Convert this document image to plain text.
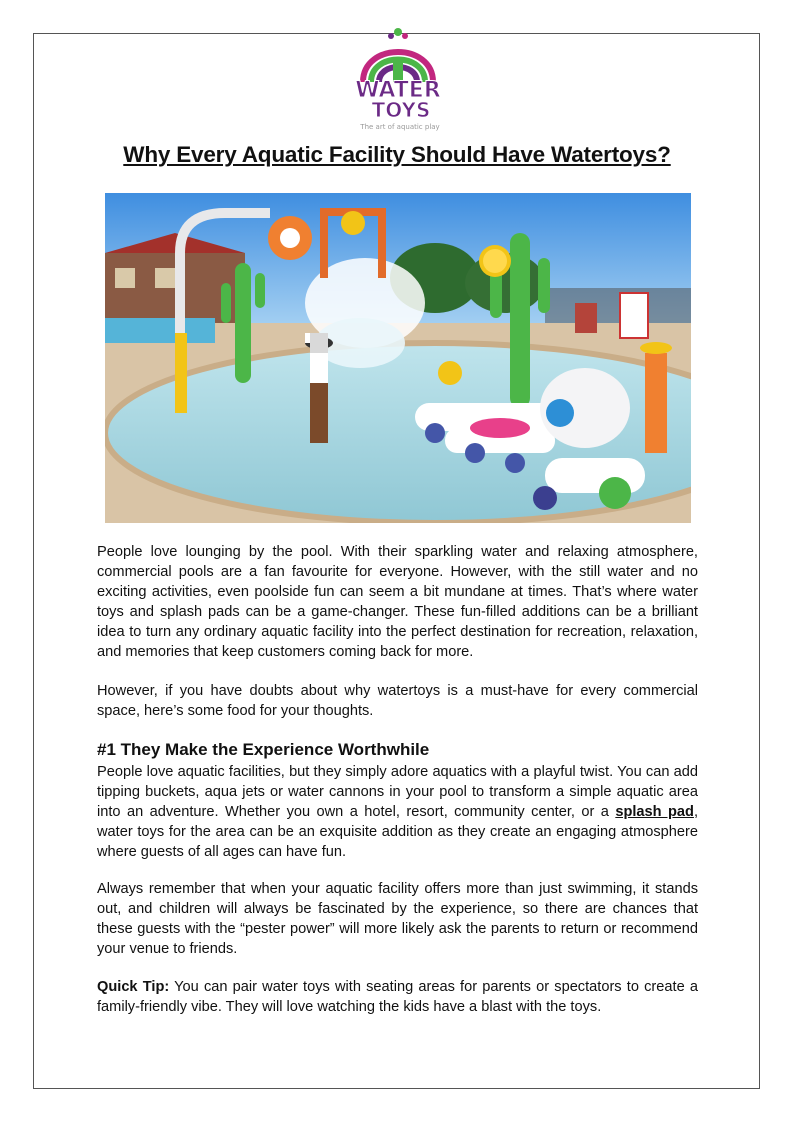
WATER
TOYS
The art of aquatic play
Why Every Aquatic Facility Should Have Watertoys?

People love lounging by the pool. With their sparkling water and relaxing atmosphere, commercial pools are a fan favourite for everyone. However, with the still water and no exciting activities, even poolside fun can seem a bit mundane at times. That’s where water toys and splash pads can be a game-changer. These fun-filled additions can be a brilliant idea to turn any ordinary aquatic facility into the perfect destination for recreation, relaxation, and memories that keep customers coming back for more.

However, if you have doubts about why watertoys is a must-have for every commercial space, here’s some food for your thoughts.

#1 They Make the Experience Worthwhile

People love aquatic facilities, but they simply adore aquatics with a playful twist. You can add tipping buckets, aqua jets or water cannons in your pool to transform a simple aquatic area into an adventure. Whether you own a hotel, resort, community center, or a splash pad, water toys for the area can be an exquisite addition as they create an engaging atmosphere where guests of all ages can have fun.

Always remember that when your aquatic facility offers more than just swimming, it stands out, and children will always be fascinated by the experience, so there are chances that these guests with the “pester power” will more likely ask the parents to return or recommend your venue to friends.

Quick Tip: You can pair water toys with seating areas for parents or spectators to create a family-friendly vibe. They will love watching the kids have a blast with the toys.
